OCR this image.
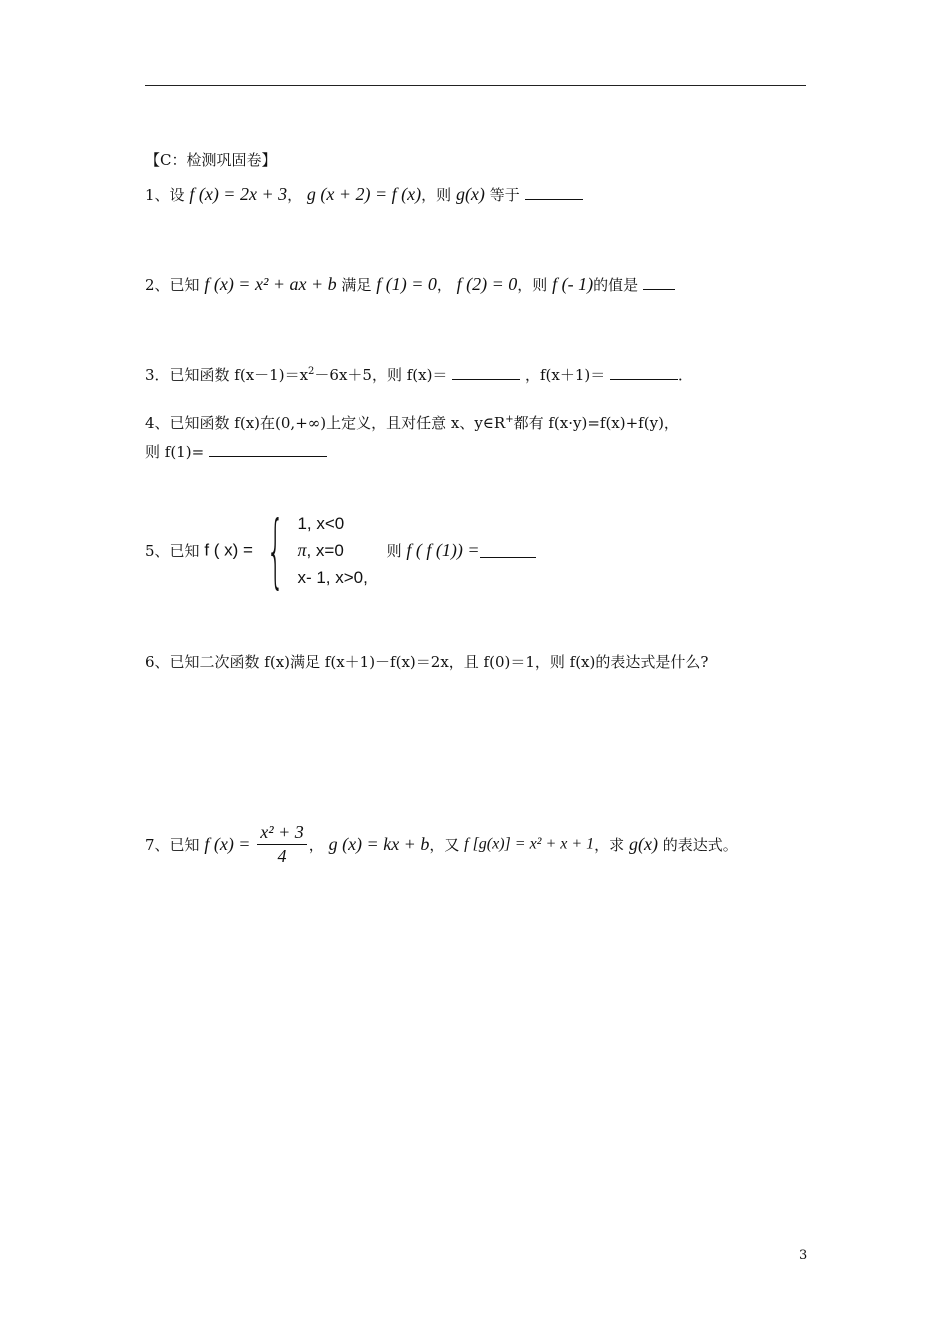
【C：检测巩固卷】
1、设 f (x) = 2x + 3， g (x + 2) = f (x)，则 g(x) 等于
2、已知 f (x) = x² + ax + b 满足 f (1) = 0， f (2) = 0，则 f (- 1)的值是
3．已知函数 $f(x-1)=x^2-6x+5$，则 f(x)＝	，f(x＋1)＝	．
4、已知函数 f(x)在(0,+∞)上定义，且对任意 x、y∈R+都有 f(x·y)=f(x)+f(y)，
则 f(1)=
5、已知 f ( x) = { 1, x<0
π, x=0
x- 1, x>0,
则 f ( f (1)) =
6、已知二次函数 f(x)满足 f(x＋1)－f(x)＝2x，且 f(0)＝1，则 f(x)的表达式是什么?
7、已知 f $(x) = \frac{\text{x² + 3}}{4}$ ， g (x) = kx + b，又 f [g(x)] = x² + x + 1，求 g(x) 的表达式。
3
